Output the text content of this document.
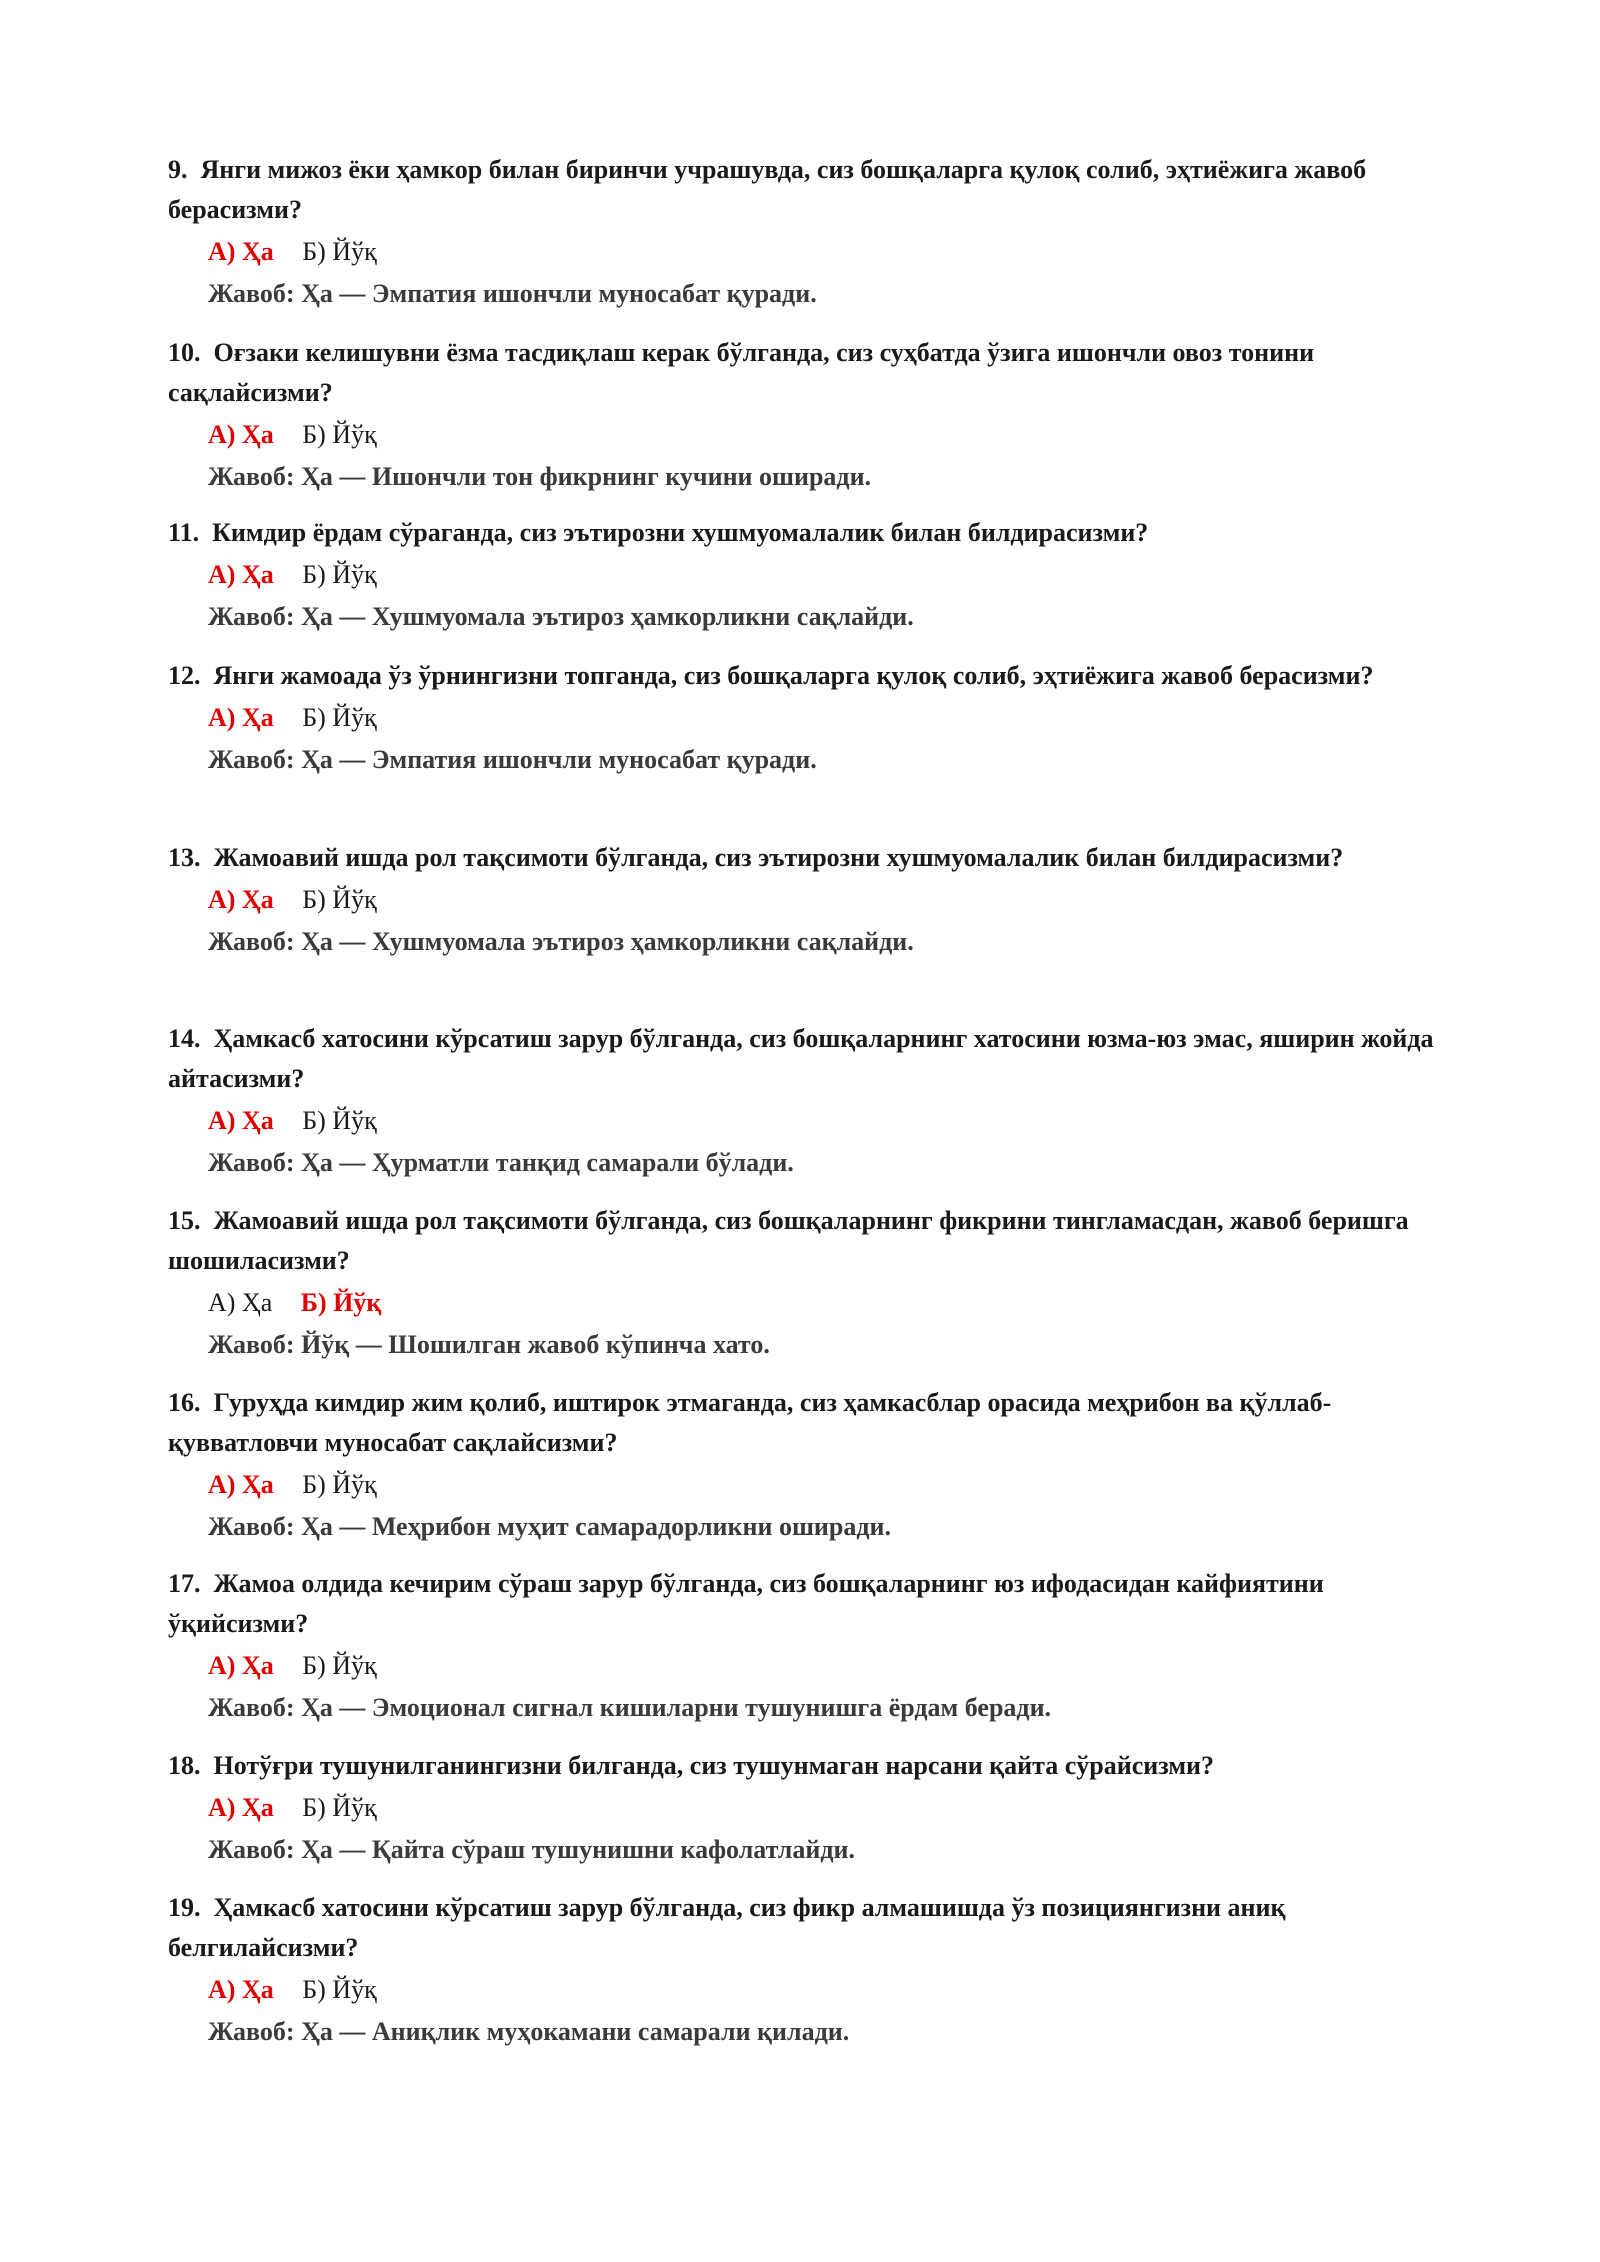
9. Янги мижоз ёки ҳамкор билан биринчи учрашувда, сиз бошқаларга қулоқ солиб, эҳтиёжига жавоб берасизми?

А) Ҳа Б) Йўқ
Жавоб: Ҳа — Эмпатия ишончли муносабат қуради.

10. Оғзаки келишувни ёзма тасдиқлаш керак бўлганда, сиз суҳбатда ўзига ишончли овоз тонини сақлайсизми?

А) Ҳа Б) Йўқ
Жавоб: Ҳа — Ишончли тон фикрнинг кучини оширади.

11. Кимдир ёрдам сўраганда, сиз эътирозни хушмуомалалик билан билдирасизми?

А) Ҳа Б) Йўқ
Жавоб: Ҳа — Хушмуомала эътироз ҳамкорликни сақлайди.

12. Янги жамоада ўз ўрнингизни топганда, сиз бошқаларга қулоқ солиб, эҳтиёжига жавоб берасизми?

А) Ҳа Б) Йўқ
Жавоб: Ҳа — Эмпатия ишончли муносабат қуради.

13. Жамоавий ишда рол тақсимоти бўлганда, сиз эътирозни хушмуомалалик билан билдирасизми?

А) Ҳа Б) Йўқ
Жавоб: Ҳа — Хушмуомала эътироз ҳамкорликни сақлайди.

14. Ҳамкасб хатосини кўрсатиш зарур бўлганда, сиз бошқаларнинг хатосини юзма-юз эмас, яширин жойда айтасизми?

А) Ҳа Б) Йўқ
Жавоб: Ҳа — Ҳурматли танқид самарали бўлади.

15. Жамоавий ишда рол тақсимоти бўлганда, сиз бошқаларнинг фикрини тингламасдан, жавоб беришга шошиласизми?

А) Ҳа Б) Йўқ
Жавоб: Йўқ — Шошилган жавоб кўпинча хато.

16. Гуруҳда кимдир жим қолиб, иштирок этмаганда, сиз ҳамкасблар орасида меҳрибон ва қўллаб-қувватловчи муносабат сақлайсизми?

А) Ҳа Б) Йўқ
Жавоб: Ҳа — Меҳрибон муҳит самарадорликни оширади.

17. Жамоа олдида кечирим сўраш зарур бўлганда, сиз бошқаларнинг юз ифодасидан кайфиятини ўқийсизми?

А) Ҳа Б) Йўқ
Жавоб: Ҳа — Эмоционал сигнал кишиларни тушунишга ёрдам беради.

18. Нотўғри тушунилганингизни билганда, сиз тушунмаган нарсани қайта сўрайсизми?

А) Ҳа Б) Йўқ
Жавоб: Ҳа — Қайта сўраш тушунишни кафолатлайди.

19. Ҳамкасб хатосини кўрсатиш зарур бўлганда, сиз фикр алмашишда ўз позициянгизни аниқ белгилайсизми?

А) Ҳа Б) Йўқ
Жавоб: Ҳа — Аниқлик муҳокамани самарали қилади.
